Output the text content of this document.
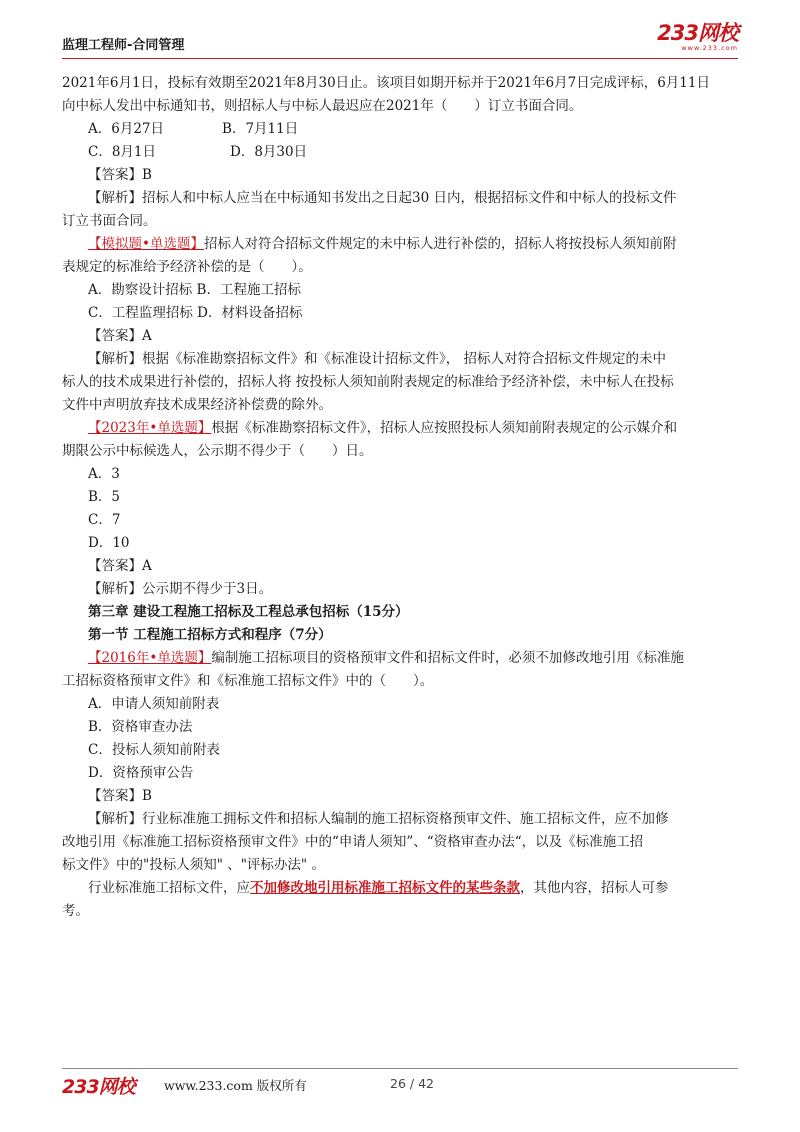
监理工程师-合同管理
233网校
www.233.com

2021年6月1日，投标有效期至2021年8月30日止。该项目如期开标并于2021年6月7日完成评标，6月11日

向中标人发出中标通知书，则招标人与中标人最迟应在2021年（　　）订立书面合同。

A．6月27日	B．7月11日

C．8月1日	D．8月30日

【答案】B

【解析】招标人和中标人应当在中标通知书发出之日起30 日内，根据招标文件和中标人的投标文件

订立书面合同。

【模拟题•单选题】招标人对符合招标文件规定的未中标人进行补偿的，招标人将按投标人须知前附

表规定的标准给予经济补偿的是（　　）。

A．勘察设计招标 B．工程施工招标

C．工程监理招标 D．材料设备招标

【答案】A

【解析】根据《标准勘察招标文件》和《标准设计招标文件》， 招标人对符合招标文件规定的未中

标人的技术成果进行补偿的，招标人将 按投标人须知前附表规定的标准给予经济补偿，未中标人在投标

文件中声明放弃技术成果经济补偿费的除外。

【2023年•单选题】根据《标准勘察招标文件》，招标人应按照投标人须知前附表规定的公示媒介和

期限公示中标候选人，公示期不得少于（　　）日。

A．3

B．5

C．7

D．10

【答案】A

【解析】公示期不得少于3日。

第三章 建设工程施工招标及工程总承包招标（15分）

第一节 工程施工招标方式和程序（7分）

【2016年•单选题】编制施工招标项目的资格预审文件和招标文件时，必须不加修改地引用《标准施

工招标资格预审文件》和《标准施工招标文件》中的（　　）。

A．申请人须知前附表

B．资格审查办法

C．投标人须知前附表

D．资格预审公告

【答案】B

【解析】行业标准施工拥标文件和招标人编制的施工招标资格预审文件、施工招标文件，应不加修

改地引用《标准施工招标资格预审文件》中的“申请人须知”、“资格审查办法“，以及《标准施工招

标文件》中的"投标人须知" 、"评标办法" 。

行业标准施工招标文件，应不加修改地引用标准施工招标文件的某些条款，其他内容，招标人可参

考。

233网校 www.233.com 版权所有	26 / 42
